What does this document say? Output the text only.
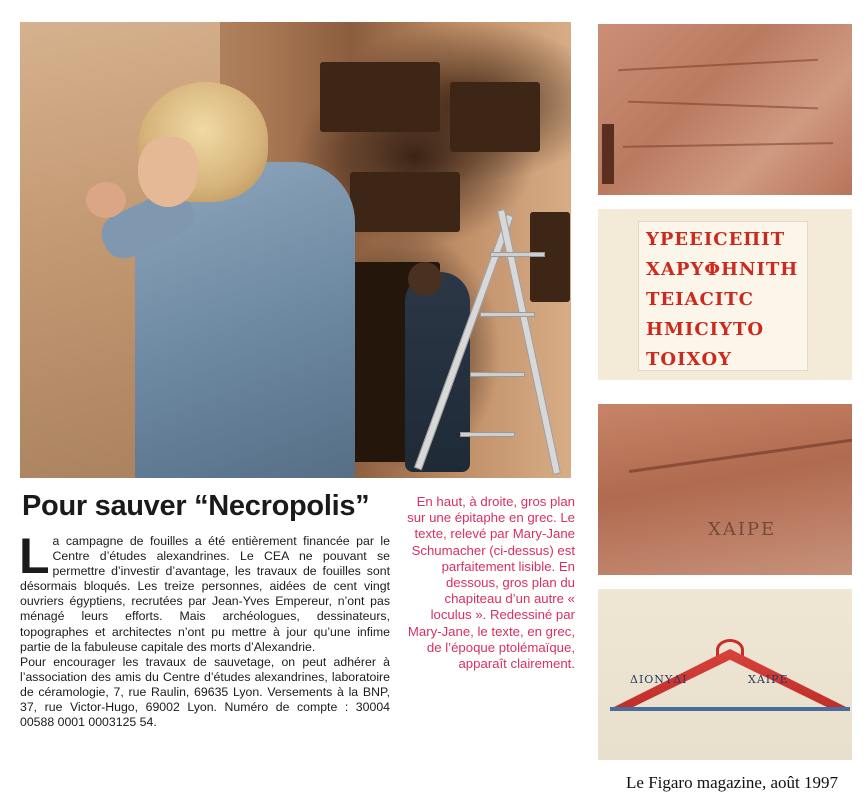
ΥΡΕΕΙϹΕΠΙΤ
ΧΑΡΥΦΗΝΙΤΗ
ΤΕΙΑϹΙΤϹ
ΗΜΙϹΙΥΤΟ
ΤΟΙΧΟΥ
ΧΑΙΡΕ
ΔΙΟΝΥΔΙ	ΧΑΙΡΕ
Pour sauver “Necropolis”

La campagne de fouilles a été entièrement financée par le Centre d’études alexandrines. Le CEA ne pouvant se permettre d’investir d’avantage, les travaux de fouilles sont désormais bloqués. Les treize personnes, aidées de cent vingt ouvriers égyptiens, recrutées par Jean-Yves Empereur, n’ont pas ménagé leurs efforts. Mais archéologues, dessinateurs, topographes et architectes n’ont pu mettre à jour qu’une infime partie de la fabuleuse capitale des morts d’Alexandrie.

Pour encourager les travaux de sauvetage, on peut adhérer à l’association des amis du Centre d’études alexandrines, laboratoire de céramologie, 7, rue Raulin, 69635 Lyon. Versements à la BNP, 37, rue Victor-Hugo, 69002 Lyon. Numéro de compte : 30004 00588 0001 0003125 54.

En haut, à droite, gros plan sur une épitaphe en grec. Le texte, relevé par Mary-Jane Schumacher (ci-dessus) est parfaitement lisible. En dessous, gros plan du chapiteau d’un autre « loculus ». Redessiné par Mary-Jane, le texte, en grec, de l’époque ptolémaïque, apparaît clairement.
Le Figaro magazine, août 1997
